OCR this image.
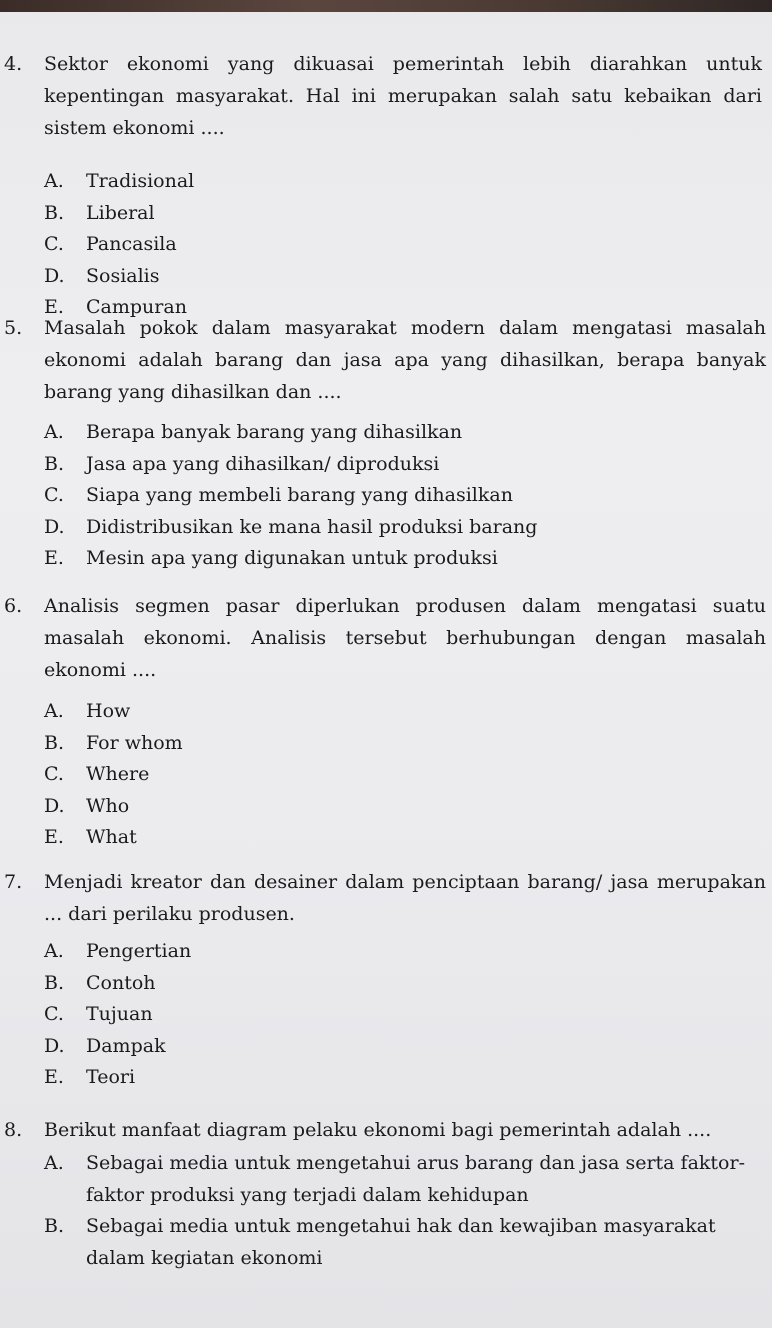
4. Sektor ekonomi yang dikuasai pemerintah lebih diarahkan untuk kepentingan masyarakat. Hal ini merupakan salah satu kebaikan dari sistem ekonomi ....
A.	Tradisional
B.	Liberal
C.	Pancasila
D.	Sosialis
E.	Campuran
5. Masalah pokok dalam masyarakat modern dalam mengatasi masalah ekonomi adalah barang dan jasa apa yang dihasilkan, berapa banyak barang yang dihasilkan dan ....
A.	Berapa banyak barang yang dihasilkan
B.	Jasa apa yang dihasilkan/ diproduksi
C.	Siapa yang membeli barang yang dihasilkan
D.	Didistribusikan ke mana hasil produksi barang
E.	Mesin apa yang digunakan untuk produksi
6. Analisis segmen pasar diperlukan produsen dalam mengatasi suatu masalah ekonomi. Analisis tersebut berhubungan dengan masalah ekonomi ....
A.	How
B.	For whom
C.	Where
D.	Who
E.	What
7. Menjadi kreator dan desainer dalam penciptaan barang/ jasa merupakan ... dari perilaku produsen.
A.	Pengertian
B.	Contoh
C.	Tujuan
D.	Dampak
E.	Teori
8. Berikut manfaat diagram pelaku ekonomi bagi pemerintah adalah ....
A.	Sebagai media untuk mengetahui arus barang dan jasa serta faktor-faktor produksi yang terjadi dalam kehidupan
B.	Sebagai media untuk mengetahui hak dan kewajiban masyarakat dalam kegiatan ekonomi
